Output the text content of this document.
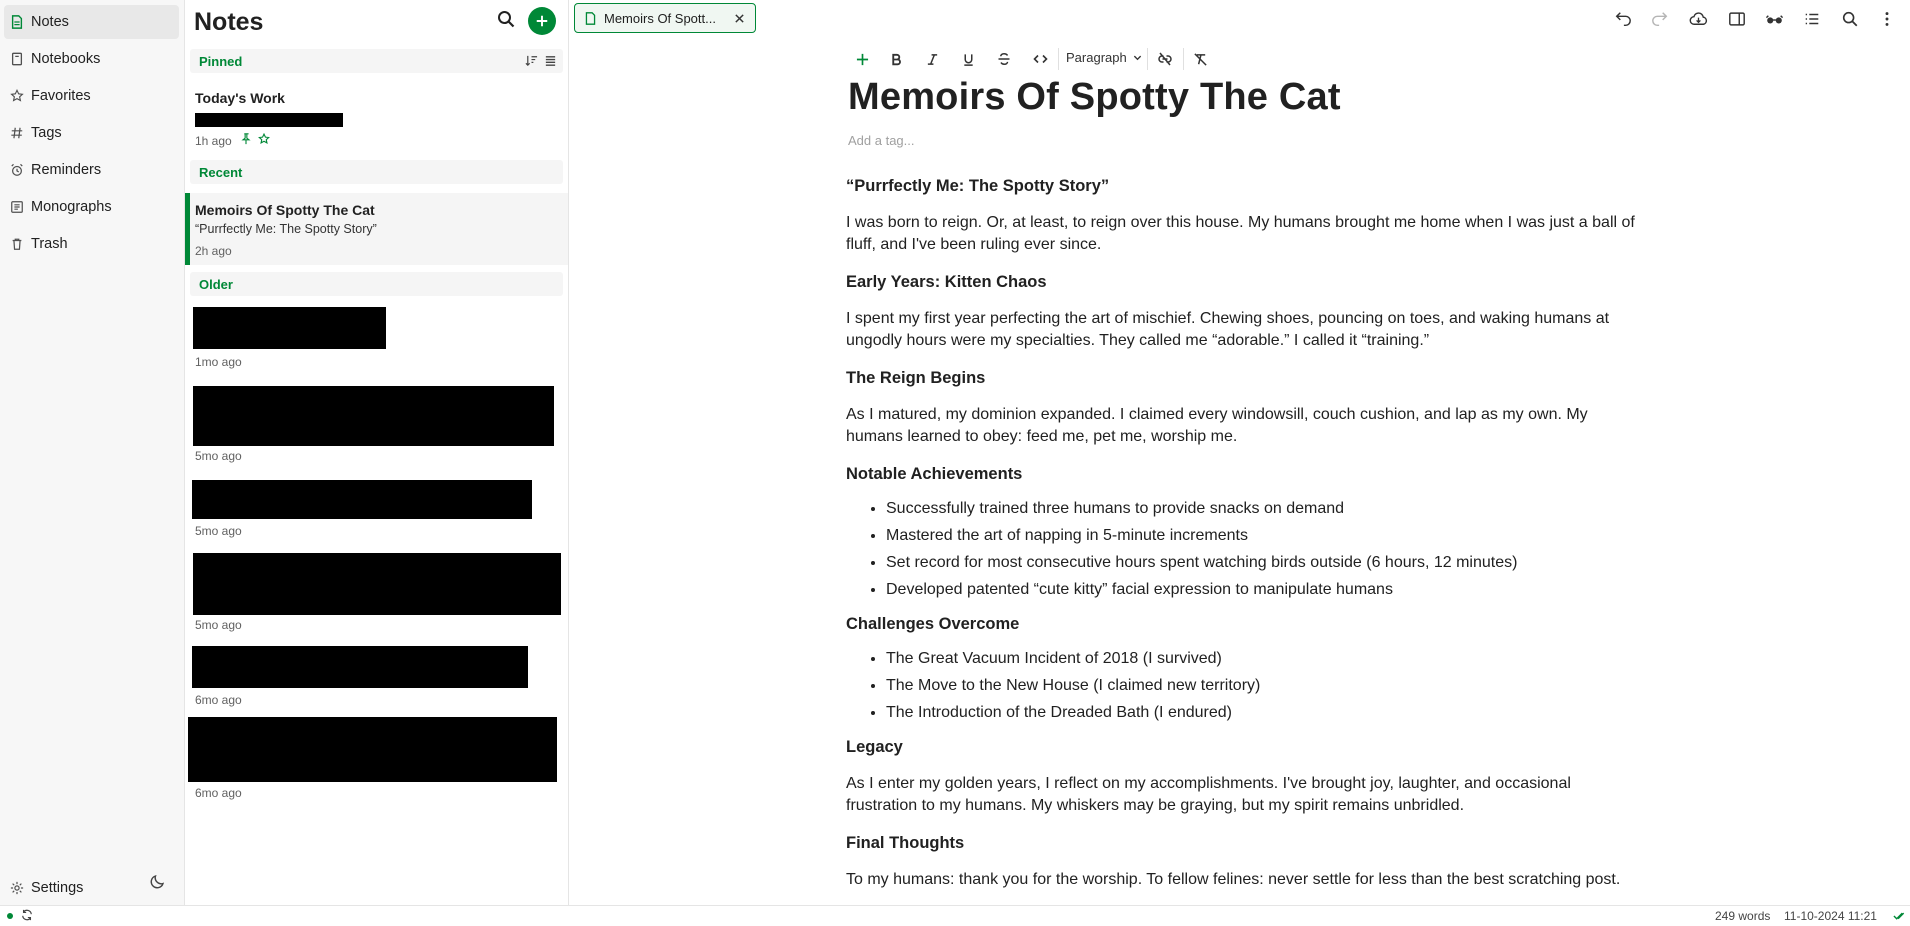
Notes
Notebooks
Favorites
Tags
Reminders
Monographs
Trash
Settings
Notes
Pinned
Today's Work
1h ago
Recent
Memoirs Of Spotty The Cat
“Purrfectly Me: The Spotty Story”
2h ago
Older
1mo ago
5mo ago
5mo ago
5mo ago
6mo ago
6mo ago
Memoirs Of Spott...
Paragraph
Memoirs Of Spotty The Cat
Add a tag...
“Purrfectly Me: The Spotty Story”

I was born to reign. Or, at least, to reign over this house. My humans brought me home when I was just a ball of fluff, and I've been ruling ever since.

Early Years: Kitten Chaos

I spent my first year perfecting the art of mischief. Chewing shoes, pouncing on toes, and waking humans at ungodly hours were my specialties. They called me “adorable.” I called it “training.”

The Reign Begins

As I matured, my dominion expanded. I claimed every windowsill, couch cushion, and lap as my own. My humans learned to obey: feed me, pet me, worship me.

Notable Achievements
• Successfully trained three humans to provide snacks on demand
• Mastered the art of napping in 5-minute increments
• Set record for most consecutive hours spent watching birds outside (6 hours, 12 minutes)
• Developed patented “cute kitty” facial expression to manipulate humans
Challenges Overcome
• The Great Vacuum Incident of 2018 (I survived)
• The Move to the New House (I claimed new territory)
• The Introduction of the Dreaded Bath (I endured)
Legacy

As I enter my golden years, I reflect on my accomplishments. I've brought joy, laughter, and occasional frustration to my humans. My whiskers may be graying, but my spirit remains unbridled.

Final Thoughts

To my humans: thank you for the worship. To fellow felines: never settle for less than the best scratching post.

249 words 11-10-2024 11:21
